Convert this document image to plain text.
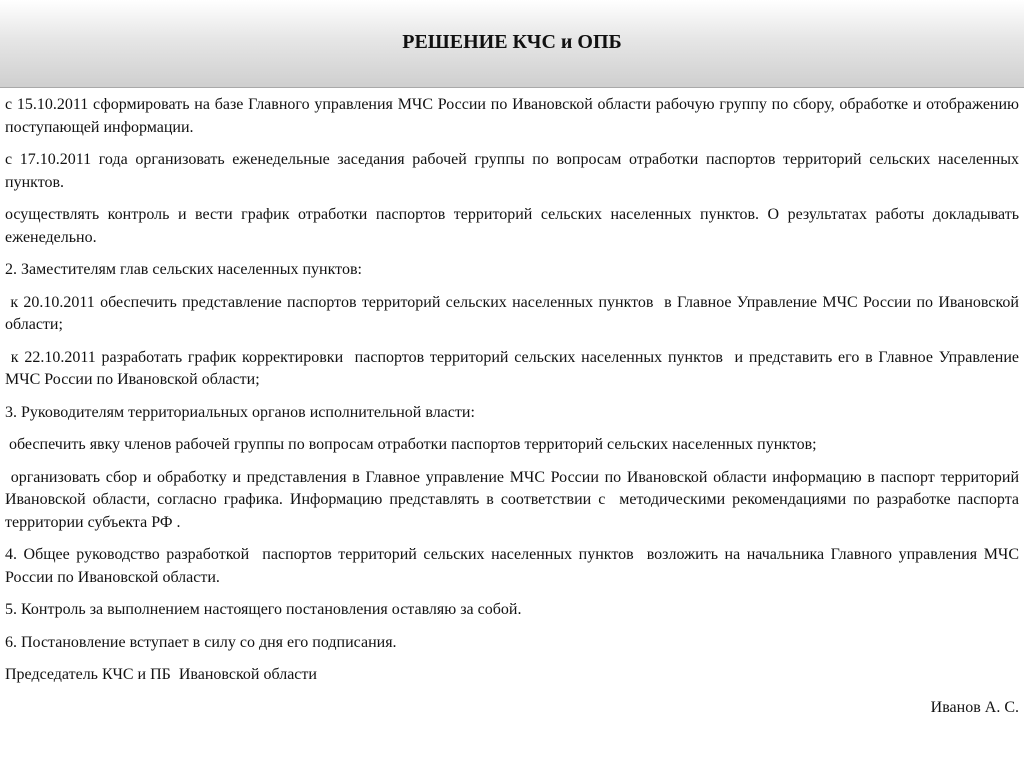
РЕШЕНИЕ КЧС и ОПБ

с 15.10.2011 сформировать на базе Главного управления МЧС России по Ивановской области рабочую группу по сбору, обработке и отображению поступающей информации.

с 17.10.2011 года организовать еженедельные заседания рабочей группы по вопросам отработки паспортов территорий сельских населенных пунктов.

осуществлять контроль и вести график отработки паспортов территорий сельских населенных пунктов. О результатах работы докладывать еженедельно.

2. Заместителям глав сельских населенных пунктов:

к 20.10.2011 обеспечить представление паспортов территорий сельских населенных пунктов  в Главное Управление МЧС России по Ивановской области;

к 22.10.2011 разработать график корректировки  паспортов территорий сельских населенных пунктов  и представить его в Главное Управление МЧС России по Ивановской области;

3. Руководителям территориальных органов исполнительной власти:

обеспечить явку членов рабочей группы по вопросам отработки паспортов территорий сельских населенных пунктов;

организовать сбор и обработку и представления в Главное управление МЧС России по Ивановской области информацию в паспорт территорий Ивановской области, согласно графика. Информацию представлять в соответствии с  методическими рекомендациями по разработке паспорта территории субъекта РФ .

4. Общее руководство разработкой  паспортов территорий сельских населенных пунктов  возложить на начальника Главного управления МЧС России по Ивановской области.

5. Контроль за выполнением настоящего постановления оставляю за собой.

6. Постановление вступает в силу со дня его подписания.

Председатель КЧС и ПБ  Ивановской области

Иванов А. С.
